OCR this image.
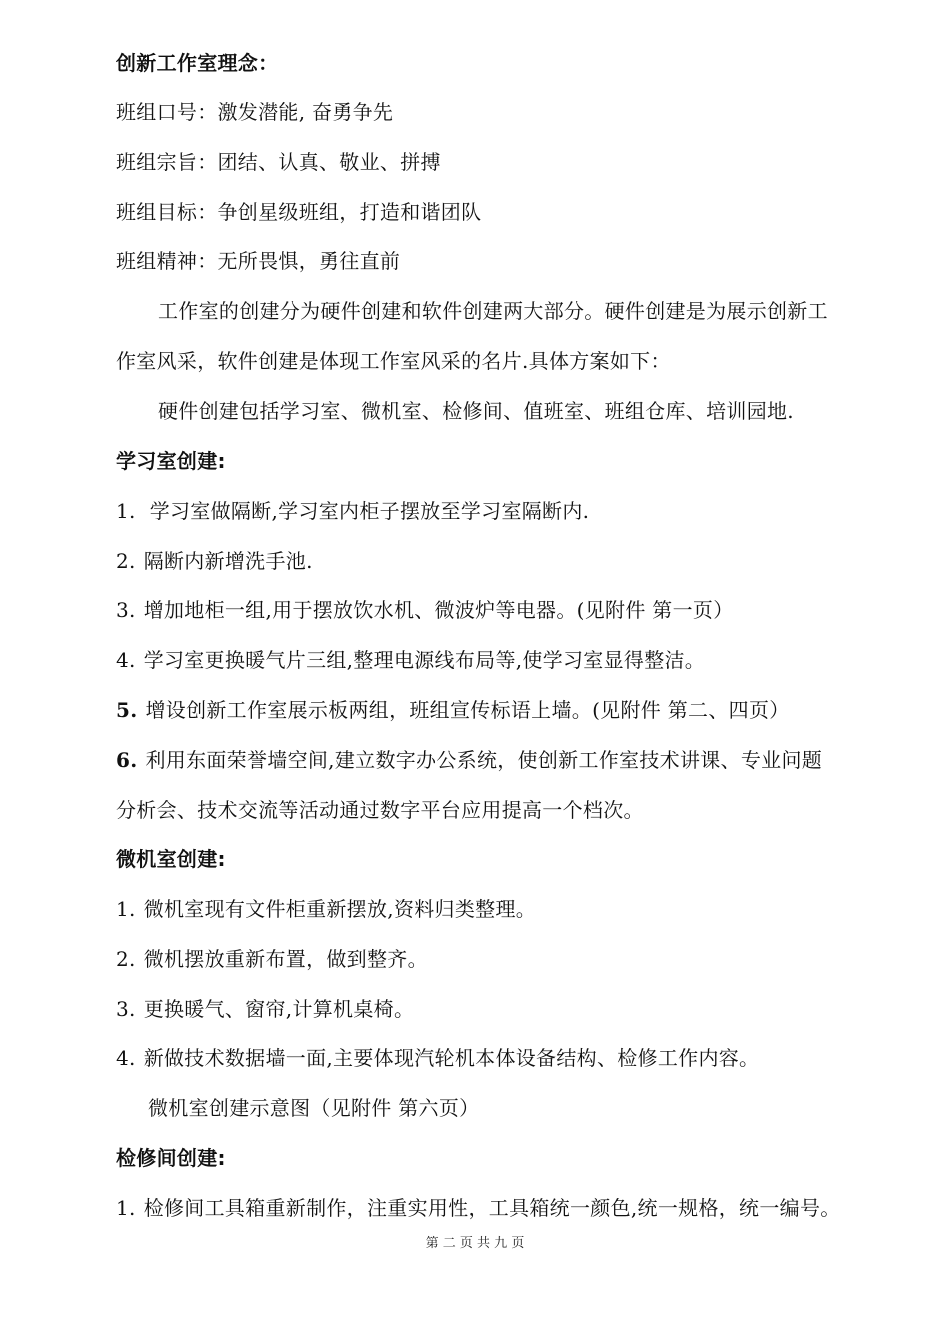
创新工作室理念：
班组口号：激发潜能, 奋勇争先
班组宗旨：团结、认真、敬业、拼搏
班组目标：争创星级班组，打造和谐团队
班组精神：无所畏惧，勇往直前
工作室的创建分为硬件创建和软件创建两大部分。硬件创建是为展示创新工
作室风采，软件创建是体现工作室风采的名片.具体方案如下：
硬件创建包括学习室、微机室、检修间、值班室、班组仓库、培训园地.
学习室创建:
1. 学习室做隔断,学习室内柜子摆放至学习室隔断内.
2. 隔断内新增洗手池.
3. 增加地柜一组,用于摆放饮水机、微波炉等电器。(见附件 第一页）
4. 学习室更换暖气片三组,整理电源线布局等,使学习室显得整洁。
5. 增设创新工作室展示板两组，班组宣传标语上墙。(见附件 第二、四页）
6. 利用东面荣誉墙空间,建立数字办公系统，使创新工作室技术讲课、专业问题
分析会、技术交流等活动通过数字平台应用提高一个档次。
微机室创建:
1. 微机室现有文件柜重新摆放,资料归类整理。
2. 微机摆放重新布置，做到整齐。
3. 更换暖气、窗帘,计算机桌椅。
4. 新做技术数据墙一面,主要体现汽轮机本体设备结构、检修工作内容。
微机室创建示意图（见附件 第六页）
检修间创建:
1. 检修间工具箱重新制作，注重实用性，工具箱统一颜色,统一规格，统一编号。
第 二 页 共 九 页
